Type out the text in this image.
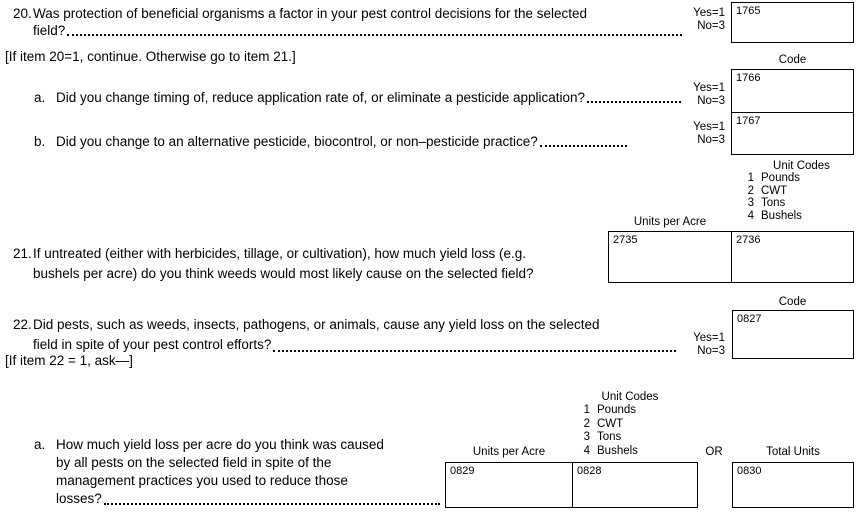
20.Was protection of beneficial organisms a factor in your pest control decisions for the selected
field?
Yes=1
No=3
1765
Code
[If item 20=1, continue. Otherwise go to item 21.]
a. Did you change timing of, reduce application rate of, or eliminate a pesticide application?
Yes=1
No=3
1766
b. Did you change to an alternative pesticide, biocontrol, or non–pesticide practice?
Yes=1
No=3
1767
Unit Codes
1 Pounds
2 CWT
3 Tons
4 Bushels
Units per Acre
2735	2736
21.If untreated (either with herbicides, tillage, or cultivation), how much yield loss (e.g.
bushels per acre) do you think weeds would most likely cause on the selected field?
Code
22.Did pests, such as weeds, insects, pathogens, or animals, cause any yield loss on the selected
field in spite of your pest control efforts?	Yes=1
No=3
0827
[If item 22 = 1, ask—]
a. How much yield loss per acre do you think was caused
by all pests on the selected field in spite of the
management practices you used to reduce those
losses?
Unit Codes
1 Pounds
2 CWT
3 Tons
4 Bushels
Units per Acre	OR	Total Units
0829	0828	0830
